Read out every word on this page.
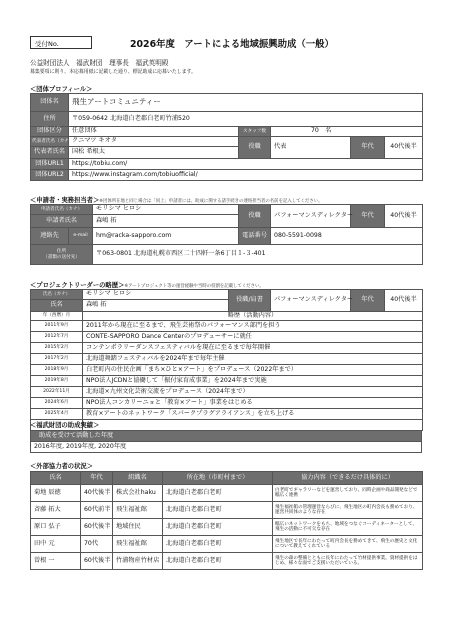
受付No.	2026年度　アートによる地域振興助成（一般）
公益財団法人　福武財団　理事長　福武英明殿
募集要項に則り、本応募用紙に記載した通り、標記助成に応募いたします。
＜団体プロフィール＞
団体名	飛生アートコミュニティー				
住所	〒059-0642 北海道白老郡白老町竹浦520				
団体区分	任意団体	スタッフ数	70　 名		
代表者氏名（カナ）	クニマツ キオタ	役職	代表	年代	40代後半
代表者氏名	国松 希根太				
団体URL1	https://tobiu.com/				
団体URL2	https://www.instagram.com/tobiuofficial/				
＜申請者・実務担当者＞※団体所在地と同じ場合は「同上」申請者には、助成に関する諸手続きの連絡担当者の名前を記入してください。
申請者氏名（カナ）		モリシマ ヒロシ	役職	パフォーマンスディレクター	年代	40代後半
申請者氏名		森嶋 拓				
連絡先	e-mail	hm@racka-sapporo.com	電話番号	080-5591-0098		
住所
（書類の送付先）		〒063-0801 北海道札幌市西区二十四軒一条6丁目１-３-401				
＜プロジェクトリーダーの略歴＞※アートプロジェクト等の運営経験や当時の役割を記載してください。
氏名（カナ）	モリシマ ヒロシ	役職/肩書	パフォーマンスディレクター	年代	40代後半
氏名	森嶋 拓				
年（西暦）月	略歴（活動内容）				
2011年9月	2011年から現在に至るまで、飛生芸術祭のパフォーマンス部門を担う				
2012年7月	CONTE-SAPPORO Dance Centerのプロデューサーに就任				
2015年2月	コンテンポラリーダンスフェスティバルを現在に至るまで毎年開催				
2017年2月	北海道舞踏フェスティバルを2024年まで毎年主催				
2018年9月	白老町内の住民企画「まち×ひと×アート」をプロデュース（2022年まで）				
2019年8月	NPO法人JCDNと協働して「振付家育成事業」を2024年まで実施				
2022年11月	北海道×九州文化芸術交流をプロデュース（2024年まで）				
2024年6月	NPO法人コンカリーニョと「教育×アート」事業をはじめる				
2025年4月	教育×アートのネットワーク「スパークプラグアライアンス」を立ち上げる				

＜福武財団の助成実績＞
助成を受けて活動した年度
2016年度, 2019年度, 2020年度
＜外部協力者の状況＞
氏名	年代	組織名	所在地（市町村まで）	協力内容（できるだけ具体的に）
菊地 辰徳	40代後半	株式会社haku	北海道白老郡白老町	白老町でギャラリーなどを運営しており、同時企画や商品開発などで幅広く連携
斉藤 拓大	60代前半	飛生福祉館	北海道白老郡白老町	飛生福祉館の管理運営ならびに、飛生地区の町内会長も務めており、運営共同体のような存在
原口 弘子	60代後半	地域住民	北海道白老郡白老町	幅広いネットワークをもち、地域をつなぐコーディネーターとして、飛生の活動に不可欠な存在
田中 元	70代	飛生福祉館	北海道白老郡白老町	飛生地区で長年にわたって町内会長を務めてきて、飛生の歴史と文化について教えてくれている
曽根 一	60代後半	竹浦物産竹材店	北海道白老郡白老町	飛生の森の整備とともに長年にわたって竹材提供事業。資材提供をはじめ、様々な面でご支援いただいている。
